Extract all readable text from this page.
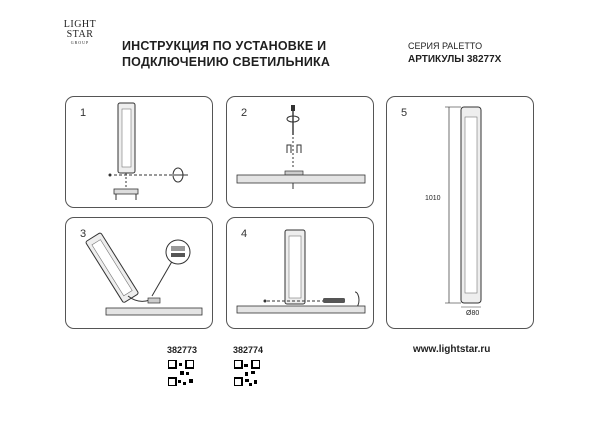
LIGHT
STAR
GROUP	ИНСТРУКЦИЯ ПО УСТАНОВКЕ И
ПОДКЛЮЧЕНИЮ СВЕТИЛЬНИКА
СЕРИЯ PALETTO
АРТИКУЛЫ 38277X
1	2
3	4
5
1010
Ø80
382773	382774	www.lightstar.ru
